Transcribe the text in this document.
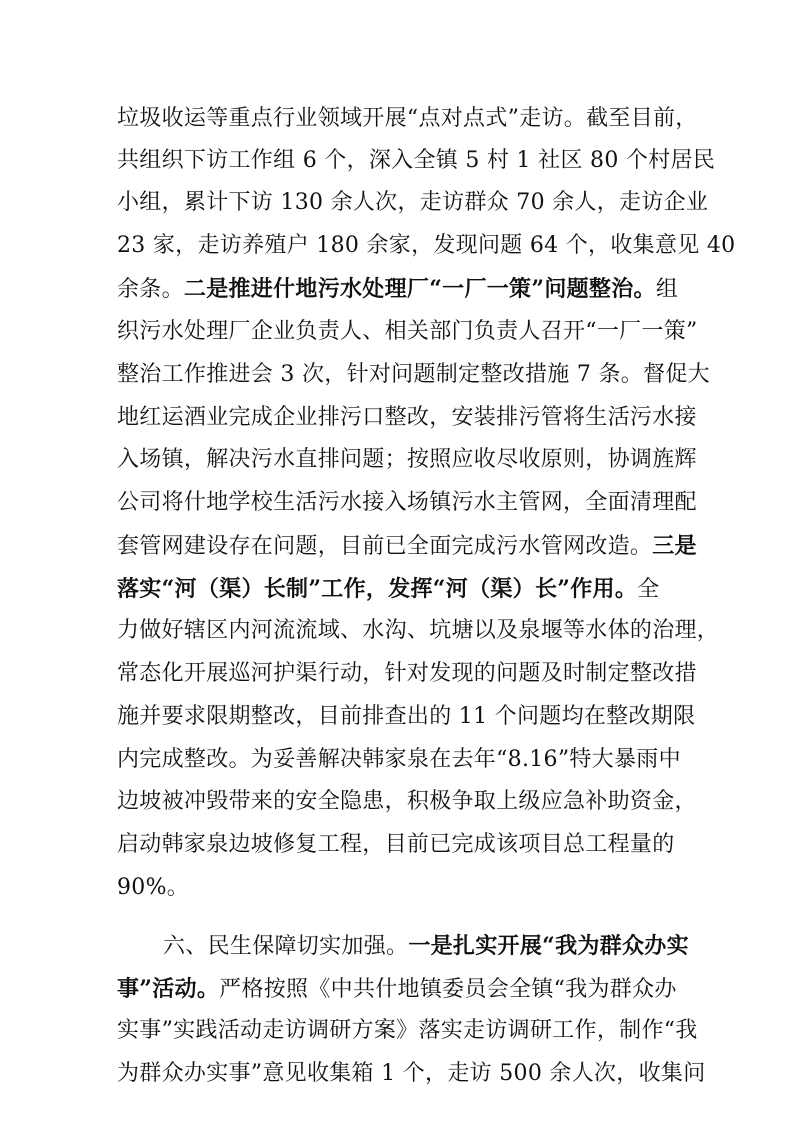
垃圾收运等重点行业领域开展“点对点式”走访。截至目前，
共组织下访工作组 6 个，深入全镇 5 村 1 社区 80 个村居民
小组，累计下访 130 余人次，走访群众 70 余人，走访企业
23 家，走访养殖户 180 余家，发现问题 64 个，收集意见 40
余条。二是推进什地污水处理厂“一厂一策”问题整治。组
织污水处理厂企业负责人、相关部门负责人召开“一厂一策”
整治工作推进会 3 次，针对问题制定整改措施 7 条。督促大
地红运酒业完成企业排污口整改，安装排污管将生活污水接
入场镇，解决污水直排问题；按照应收尽收原则，协调旌辉
公司将什地学校生活污水接入场镇污水主管网，全面清理配
套管网建设存在问题，目前已全面完成污水管网改造。三是
落实“河（渠）长制”工作，发挥“河（渠）长”作用。全
力做好辖区内河流流域、水沟、坑塘以及泉堰等水体的治理，
常态化开展巡河护渠行动，针对发现的问题及时制定整改措
施并要求限期整改，目前排查出的 11 个问题均在整改期限
内完成整改。为妥善解决韩家泉在去年“8.16”特大暴雨中
边坡被冲毁带来的安全隐患，积极争取上级应急补助资金，
启动韩家泉边坡修复工程，目前已完成该项目总工程量的
90%。
六、民生保障切实加强。一是扎实开展“我为群众办实
事”活动。严格按照《中共什地镇委员会全镇“我为群众办
实事”实践活动走访调研方案》落实走访调研工作，制作“我
为群众办实事”意见收集箱 1 个，走访 500 余人次，收集问
